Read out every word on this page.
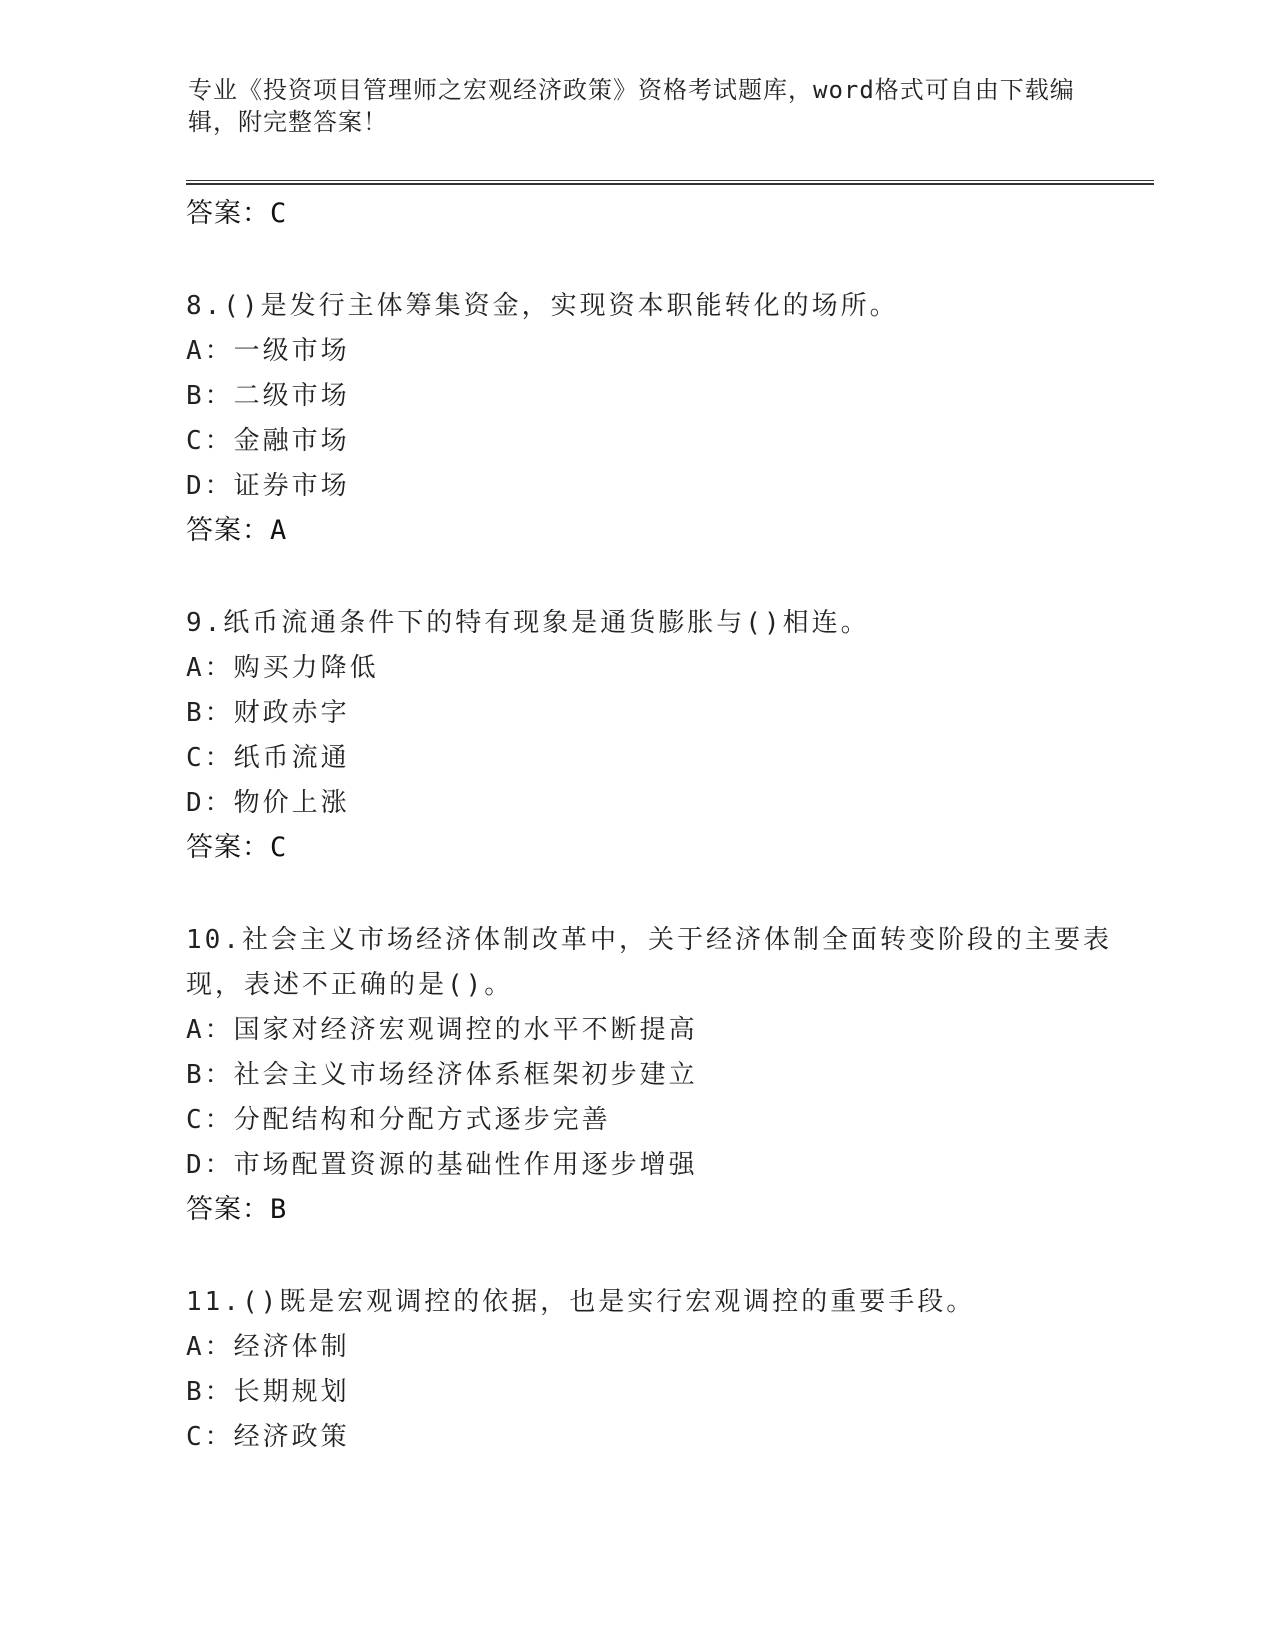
专业《投资项目管理师之宏观经济政策》资格考试题库，word格式可自由下载编辑，附完整答案！
答案：C
8.()是发行主体筹集资金，实现资本职能转化的场所。
A：一级市场
B：二级市场
C：金融市场
D：证券市场
答案：A
9.纸币流通条件下的特有现象是通货膨胀与()相连。
A：购买力降低
B：财政赤字
C：纸币流通
D：物价上涨
答案：C
10.社会主义市场经济体制改革中，关于经济体制全面转变阶段的主要表现，表述不正确的是()。
A：国家对经济宏观调控的水平不断提高
B：社会主义市场经济体系框架初步建立
C：分配结构和分配方式逐步完善
D：市场配置资源的基础性作用逐步增强
答案：B
11.()既是宏观调控的依据，也是实行宏观调控的重要手段。
A：经济体制
B：长期规划
C：经济政策
